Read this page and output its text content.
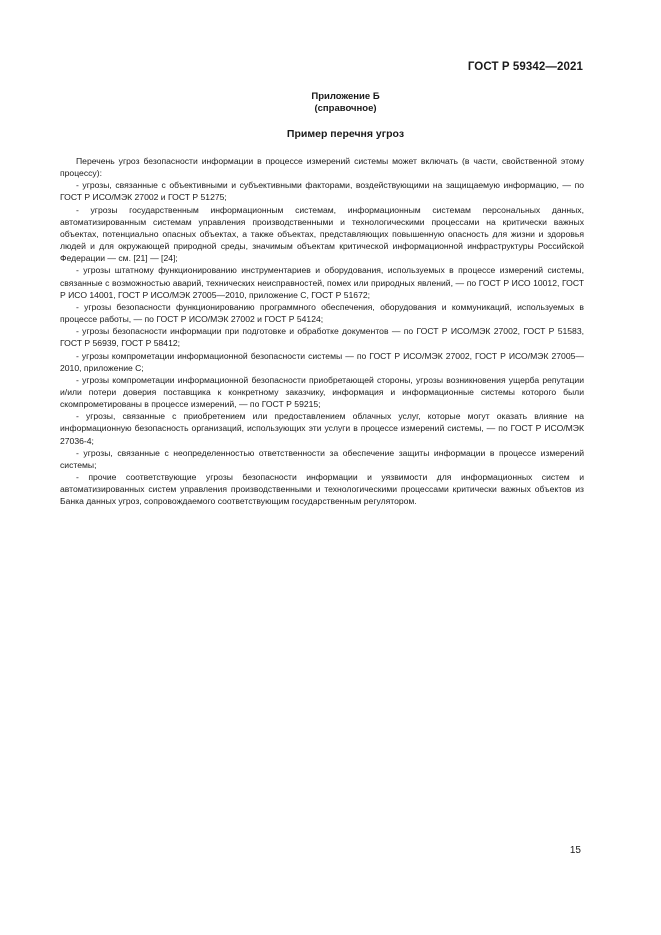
ГОСТ Р 59342—2021
Приложение Б
(справочное)
Пример перечня угроз

Перечень угроз безопасности информации в процессе измерений системы может включать (в части, свойственной этому процессу):

- угрозы, связанные с объективными и субъективными факторами, воздействующими на защищаемую информацию, — по ГОСТ Р ИСО/МЭК 27002 и ГОСТ Р 51275;

- угрозы государственным информационным системам, информационным системам персональных данных, автоматизированным системам управления производственными и технологическими процессами на критически важных объектах, потенциально опасных объектах, а также объектах, представляющих повышенную опасность для жизни и здоровья людей и для окружающей природной среды, значимым объектам критической информационной инфраструктуры Российской Федерации — см. [21] — [24];

- угрозы штатному функционированию инструментариев и оборудования, используемых в процессе измерений системы, связанные с возможностью аварий, технических неисправностей, помех или природных явлений, — по ГОСТ Р ИСО 10012, ГОСТ Р ИСО 14001, ГОСТ Р ИСО/МЭК 27005—2010, приложение С, ГОСТ Р 51672;

- угрозы безопасности функционированию программного обеспечения, оборудования и коммуникаций, используемых в процессе работы, — по ГОСТ Р ИСО/МЭК 27002 и ГОСТ Р 54124;

- угрозы безопасности информации при подготовке и обработке документов — по ГОСТ Р ИСО/МЭК 27002, ГОСТ Р 51583, ГОСТ Р 56939, ГОСТ Р 58412;

- угрозы компрометации информационной безопасности системы — по ГОСТ Р ИСО/МЭК 27002, ГОСТ Р ИСО/МЭК 27005—2010, приложение С;

- угрозы компрометации информационной безопасности приобретающей стороны, угрозы возникновения ущерба репутации и/или потери доверия поставщика к конкретному заказчику, информация и информационные системы которого были скомпрометированы в процессе измерений, — по ГОСТ Р 59215;

- угрозы, связанные с приобретением или предоставлением облачных услуг, которые могут оказать влияние на информационную безопасность организаций, использующих эти услуги в процессе измерений системы, — по ГОСТ Р ИСО/МЭК 27036-4;

- угрозы, связанные с неопределенностью ответственности за обеспечение защиты информации в процессе измерений системы;

- прочие соответствующие угрозы безопасности информации и уязвимости для информационных систем и автоматизированных систем управления производственными и технологическими процессами критически важных объектов из Банка данных угроз, сопровождаемого соответствующим государственным регулятором.

15
